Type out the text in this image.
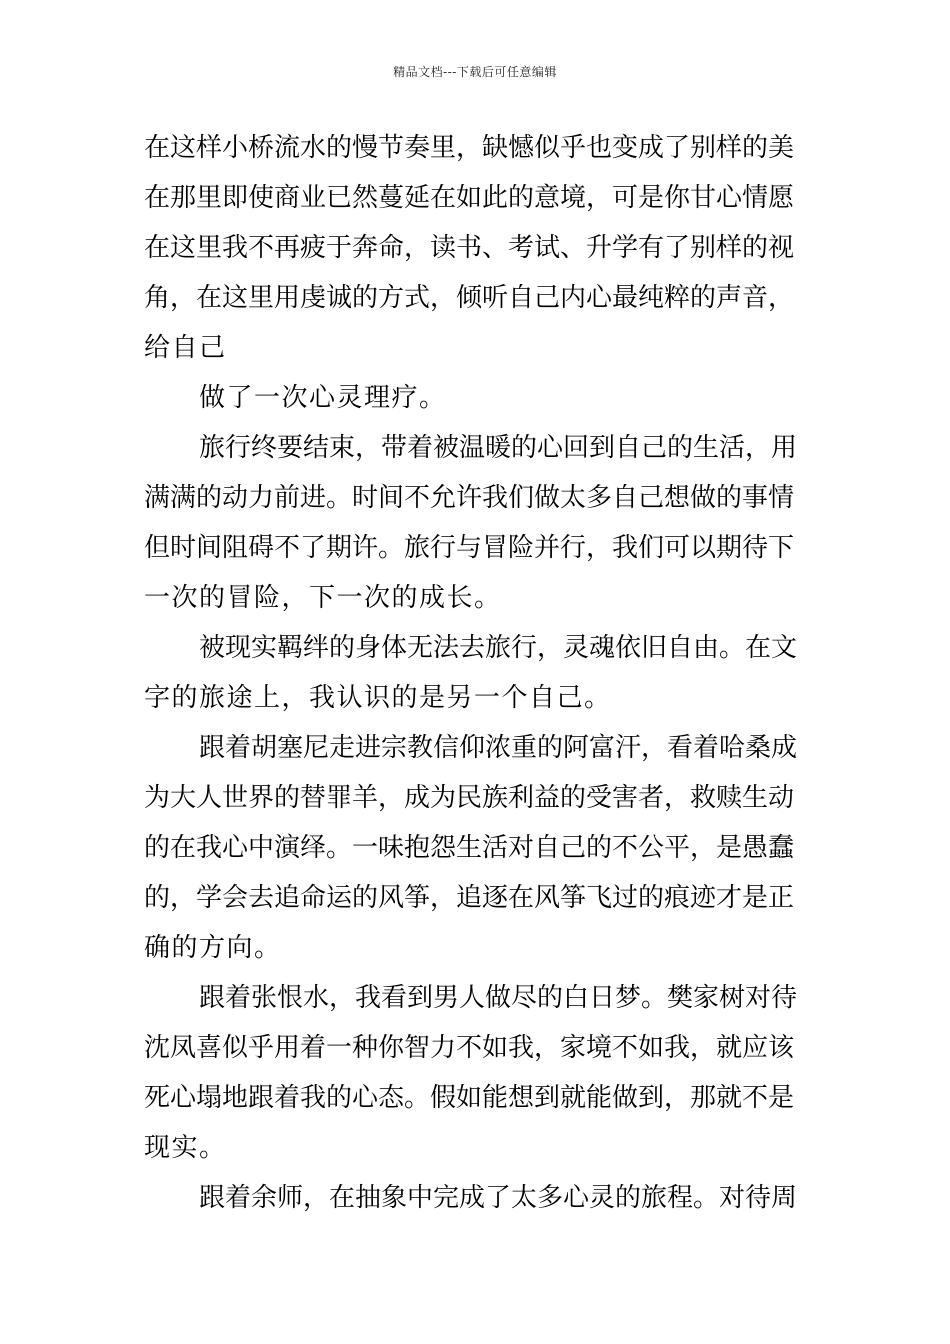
精品文档---下载后可任意编辑
在这样小桥流水的慢节奏里，缺憾似乎也变成了别样的美
在那里即使商业已然蔓延在如此的意境，可是你甘心情愿
在这里我不再疲于奔命，读书、考试、升学有了别样的视
角，在这里用虔诚的方式，倾听自己内心最纯粹的声音，
给自己
做了一次心灵理疗。
旅行终要结束，带着被温暖的心回到自己的生活，用
满满的动力前进。时间不允许我们做太多自己想做的事情
但时间阻碍不了期许。旅行与冒险并行，我们可以期待下
一次的冒险，下一次的成长。
被现实羁绊的身体无法去旅行，灵魂依旧自由。在文
字的旅途上，我认识的是另一个自己。
跟着胡塞尼走进宗教信仰浓重的阿富汗，看着哈桑成
为大人世界的替罪羊，成为民族利益的受害者，救赎生动
的在我心中演绎。一味抱怨生活对自己的不公平，是愚蠢
的，学会去追命运的风筝，追逐在风筝飞过的痕迹才是正
确的方向。
跟着张恨水，我看到男人做尽的白日梦。樊家树对待
沈凤喜似乎用着一种你智力不如我，家境不如我，就应该
死心塌地跟着我的心态。假如能想到就能做到，那就不是
现实。
跟着余师，在抽象中完成了太多心灵的旅程。对待周
